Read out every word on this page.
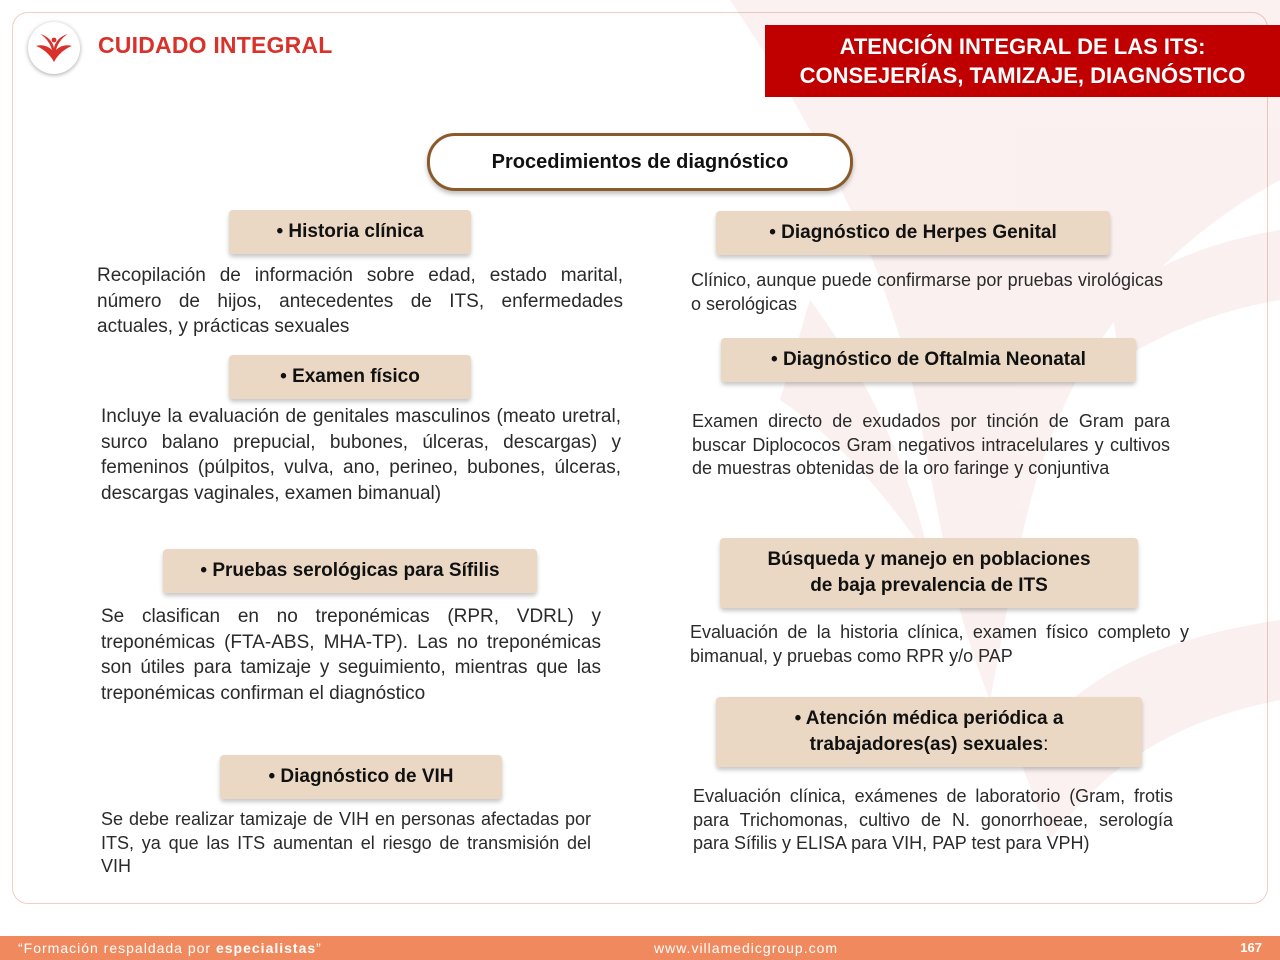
CUIDADO INTEGRAL	ATENCIÓN INTEGRAL DE LAS ITS:
CONSEJERÍAS, TAMIZAJE, DIAGNÓSTICO
Procedimientos de diagnóstico
• Historia clínica
Recopilación de información sobre edad, estado marital, número de hijos, antecedentes de ITS, enfermedades actuales, y prácticas sexuales
• Examen físico
Incluye la evaluación de genitales masculinos (meato uretral, surco balano prepucial, bubones, úlceras, descargas) y femeninos (púlpitos, vulva, ano, perineo, bubones, úlceras, descargas vaginales, examen bimanual)
• Pruebas serológicas para Sífilis
Se clasifican en no treponémicas (RPR, VDRL) y treponémicas (FTA-ABS, MHA-TP). Las no treponémicas son útiles para tamizaje y seguimiento, mientras que las treponémicas confirman el diagnóstico
• Diagnóstico de VIH
Se debe realizar tamizaje de VIH en personas afectadas por ITS, ya que las ITS aumentan el riesgo de transmisión del VIH
• Diagnóstico de Herpes Genital
Clínico, aunque puede confirmarse por pruebas virológicas o serológicas
• Diagnóstico de Oftalmia Neonatal
Examen directo de exudados por tinción de Gram para buscar Diplococos Gram negativos intracelulares y cultivos de muestras obtenidas de la oro faringe y conjuntiva
Búsqueda y manejo en poblaciones
de baja prevalencia de ITS
Evaluación de la historia clínica, examen físico completo y bimanual, y pruebas como RPR y/o PAP
• Atención médica periódica a
trabajadores(as) sexuales:
Evaluación clínica, exámenes de laboratorio (Gram, frotis para Trichomonas, cultivo de N. gonorrhoeae, serología para Sífilis y ELISA para VIH, PAP test para VPH)
“Formación respaldada por especialistas”	www.villamedicgroup.com	167
